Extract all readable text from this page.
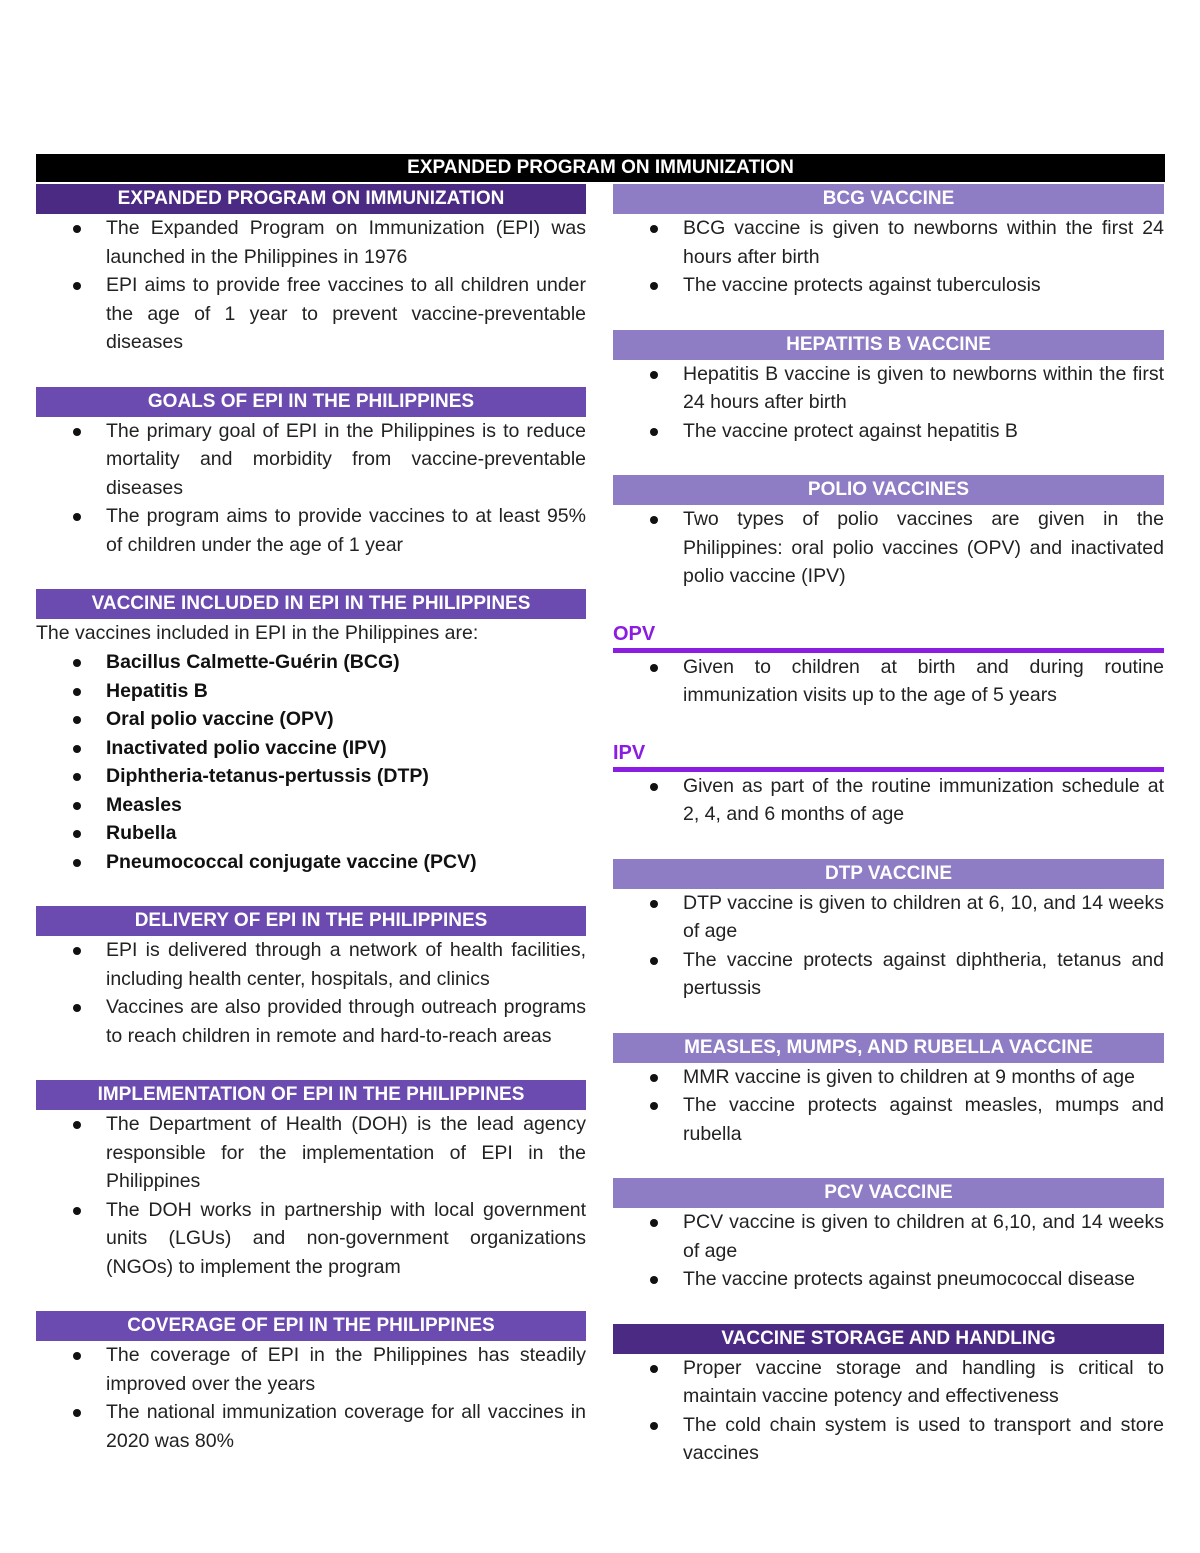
EXPANDED PROGRAM ON IMMUNIZATION
EXPANDED PROGRAM ON IMMUNIZATION
The Expanded Program on Immunization (EPI) was launched in the Philippines in 1976
EPI aims to provide free vaccines to all children under the age of 1 year to prevent vaccine-preventable diseases
GOALS OF EPI IN THE PHILIPPINES
The primary goal of EPI in the Philippines is to reduce mortality and morbidity from vaccine-preventable diseases
The program aims to provide vaccines to at least 95% of children under the age of 1 year
VACCINE INCLUDED IN EPI IN THE PHILIPPINES
The vaccines included in EPI in the Philippines are:
Bacillus Calmette-Guérin (BCG)
Hepatitis B
Oral polio vaccine (OPV)
Inactivated polio vaccine (IPV)
Diphtheria-tetanus-pertussis (DTP)
Measles
Rubella
Pneumococcal conjugate vaccine (PCV)
DELIVERY OF EPI IN THE PHILIPPINES
EPI is delivered through a network of health facilities, including health center, hospitals, and clinics
Vaccines are also provided through outreach programs to reach children in remote and hard-to-reach areas
IMPLEMENTATION OF EPI IN THE PHILIPPINES
The Department of Health (DOH) is the lead agency responsible for the implementation of EPI in the Philippines
The DOH works in partnership with local government units (LGUs) and non-government organizations (NGOs) to implement the program
COVERAGE OF EPI IN THE PHILIPPINES
The coverage of EPI in the Philippines has steadily improved over the years
The national immunization coverage for all vaccines in 2020 was 80%
BCG VACCINE
BCG vaccine is given to newborns within the first 24 hours after birth
The vaccine protects against tuberculosis
HEPATITIS B VACCINE
Hepatitis B vaccine is given to newborns within the first 24 hours after birth
The vaccine protect against hepatitis B
POLIO VACCINES
Two types of polio vaccines are given in the Philippines: oral polio vaccines (OPV) and inactivated polio vaccine (IPV)
OPV
Given to children at birth and during routine immunization visits up to the age of 5 years
IPV
Given as part of the routine immunization schedule at 2, 4, and 6 months of age
DTP VACCINE
DTP vaccine is given to children at 6, 10, and 14 weeks of age
The vaccine protects against diphtheria, tetanus and pertussis
MEASLES, MUMPS, AND RUBELLA VACCINE
MMR vaccine is given to children at 9 months of age
The vaccine protects against measles, mumps and rubella
PCV VACCINE
PCV vaccine is given to children at 6,10, and 14 weeks of age
The vaccine protects against pneumococcal disease
VACCINE STORAGE AND HANDLING
Proper vaccine storage and handling is critical to maintain vaccine potency and effectiveness
The cold chain system is used to transport and store vaccines
